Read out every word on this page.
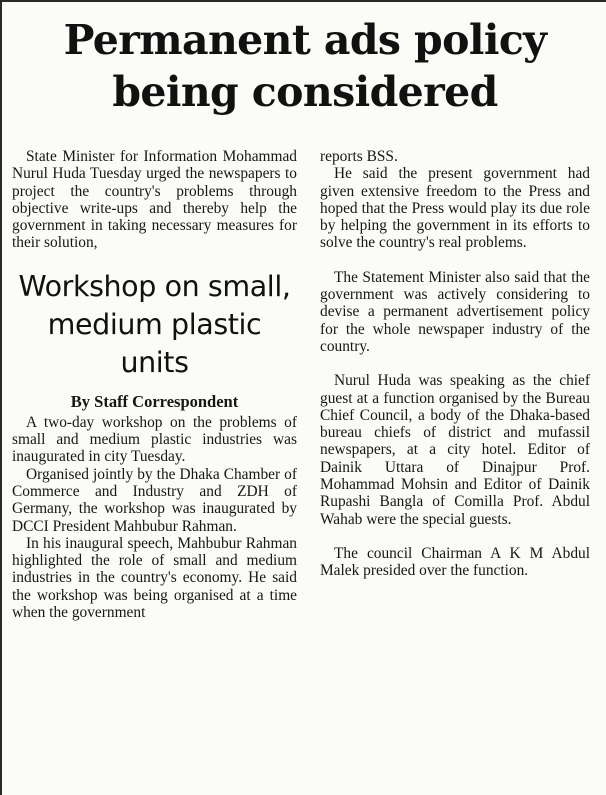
Permanent ads policy being considered

State Minister for Information Mohammad Nurul Huda Tuesday urged the newspapers to project the country's problems through objective write-ups and thereby help the government in taking necessary measures for their solution,

Workshop on small, medium plastic units
By Staff Correspondent

A two-day workshop on the problems of small and medium plastic industries was inaugurated in city Tuesday.

Organised jointly by the Dhaka Chamber of Commerce and Industry and ZDH of Germany, the workshop was inaugurated by DCCI President Mahbubur Rahman.

In his inaugural speech, Mahbubur Rahman highlighted the role of small and medium industries in the country's economy. He said the workshop was being organised at a time when the government

reports BSS.

He said the present government had given extensive freedom to the Press and hoped that the Press would play its due role by helping the government in its efforts to solve the country's real problems.

The Statement Minister also said that the government was actively considering to devise a permanent advertisement policy for the whole newspaper industry of the country.

Nurul Huda was speaking as the chief guest at a function organised by the Bureau Chief Council, a body of the Dhaka-based bureau chiefs of district and mufassil newspapers, at a city hotel. Editor of Dainik Uttara of Dinajpur Prof. Mohammad Mohsin and Editor of Dainik Rupashi Bangla of Comilla Prof. Abdul Wahab were the special guests.

The council Chairman A K M Abdul Malek presided over the function.
